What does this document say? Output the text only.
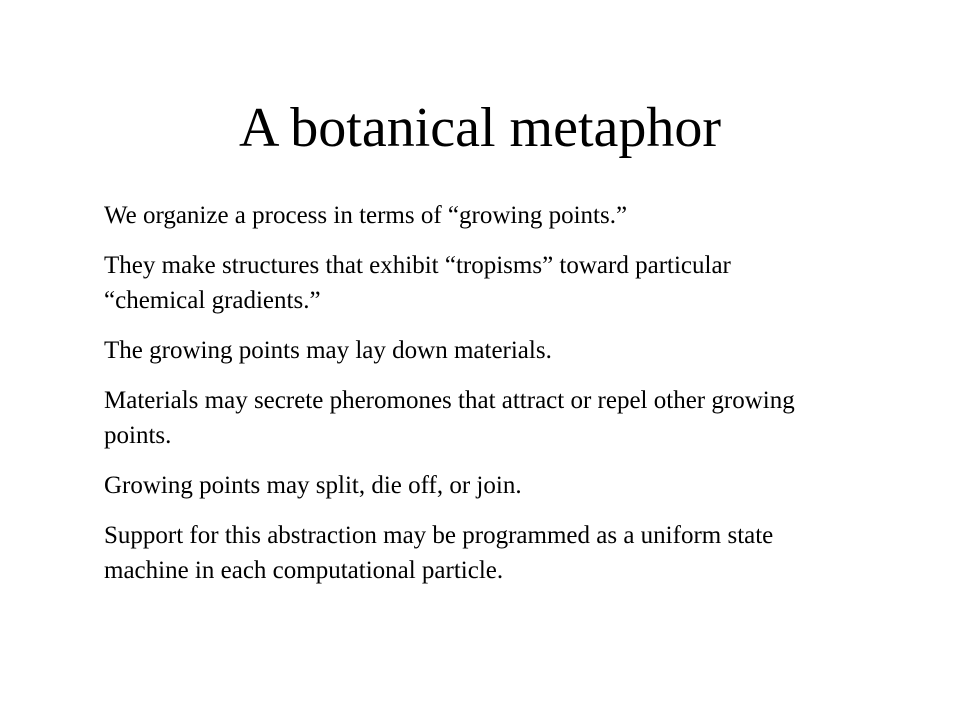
A botanical metaphor

We organize a process in terms of “growing points.”

They make structures that exhibit “tropisms” toward particular “chemical gradients.”

The growing points may lay down materials.

Materials may secrete pheromones that attract or repel other growing points.

Growing points may split, die off, or join.

Support for this abstraction may be programmed as a uniform state machine in each computational particle.
